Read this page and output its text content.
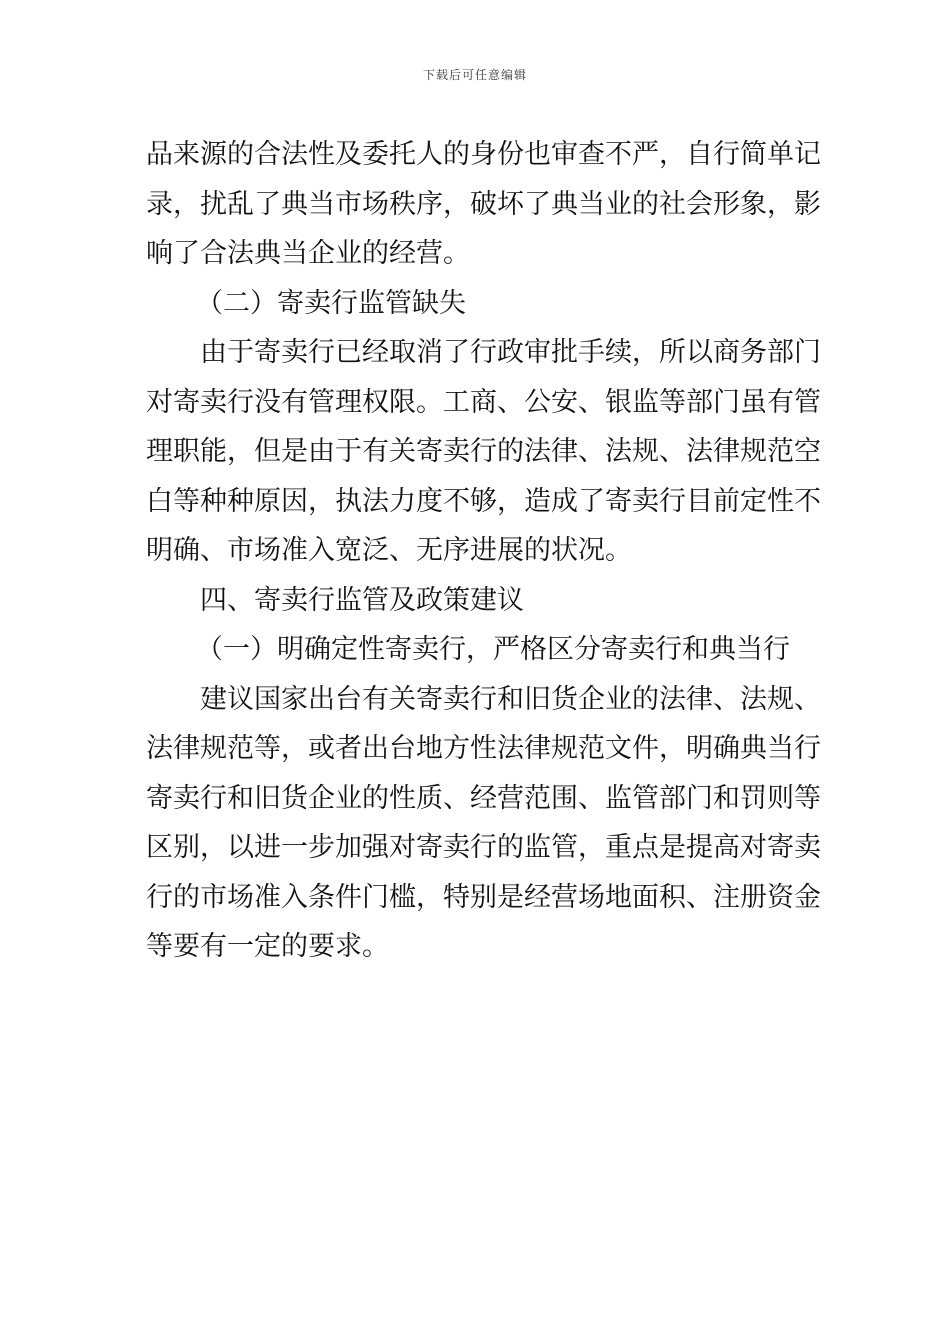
下载后可任意编辑
品来源的合法性及委托人的身份也审查不严，自行简单记
录，扰乱了典当市场秩序，破坏了典当业的社会形象，影
响了合法典当企业的经营。
（二）寄卖行监管缺失
由于寄卖行已经取消了行政审批手续，所以商务部门
对寄卖行没有管理权限。工商、公安、银监等部门虽有管
理职能，但是由于有关寄卖行的法律、法规、法律规范空
白等种种原因，执法力度不够，造成了寄卖行目前定性不
明确、市场准入宽泛、无序进展的状况。
四、寄卖行监管及政策建议
（一）明确定性寄卖行，严格区分寄卖行和典当行
建议国家出台有关寄卖行和旧货企业的法律、法规、
法律规范等，或者出台地方性法律规范文件，明确典当行
寄卖行和旧货企业的性质、经营范围、监管部门和罚则等
区别，以进一步加强对寄卖行的监管，重点是提高对寄卖
行的市场准入条件门槛，特别是经营场地面积、注册资金
等要有一定的要求。
